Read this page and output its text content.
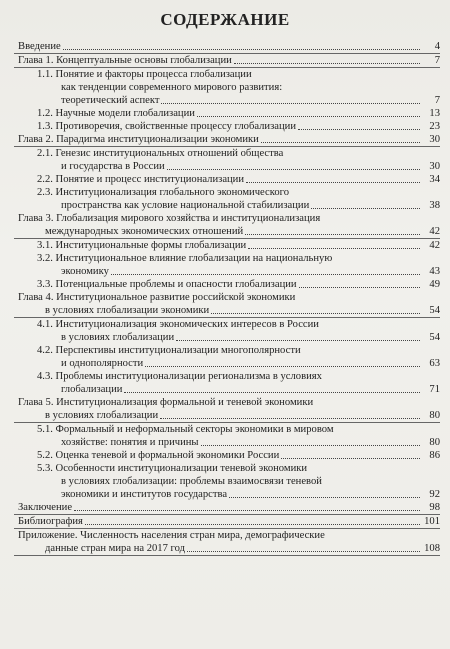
СОДЕРЖАНИЕ
Введение	4
Глава 1. Концептуальные основы глобализации	7
1.1. Понятие и факторы процесса глобализации
как тенденции современного мирового развития:
теоретический аспект	7
1.2. Научные модели глобализации	13
1.3. Противоречия, свойственные процессу глобализации	23
Глава 2. Парадигма институционализации экономики	30
2.1. Генезис институциональных отношений общества
и государства в России	30
2.2. Понятие и процесс институционализации	34
2.3. Институционализация глобального экономического
пространства как условие национальной стабилизации	38
Глава 3. Глобализация мирового хозяйства и институционализация
международных экономических отношений	42
3.1. Институциональные формы глобализации	42
3.2. Институциональное влияние глобализации на национальную
экономику	43
3.3. Потенциальные проблемы и опасности глобализации	49
Глава 4. Институциональное развитие российской экономики
в условиях глобализации экономики	54
4.1. Институционализация экономических интересов в России
в условиях глобализации	54
4.2. Перспективы институционализации многополярности
и однополярности	63
4.3. Проблемы институционализации регионализма в условиях
глобализации	71
Глава 5. Институционализация формальной и теневой экономики
в условиях глобализации	80
5.1. Формальный и неформальный секторы экономики в мировом
хозяйстве: понятия и причины	80
5.2. Оценка теневой и формальной экономики России	86
5.3. Особенности институционализации теневой экономики
в условиях глобализации: проблемы взаимосвязи теневой
экономики и институтов государства	92
Заключение	98
Библиография	101
Приложение. Численность населения стран мира, демографические
данные стран мира на 2017 год	108
